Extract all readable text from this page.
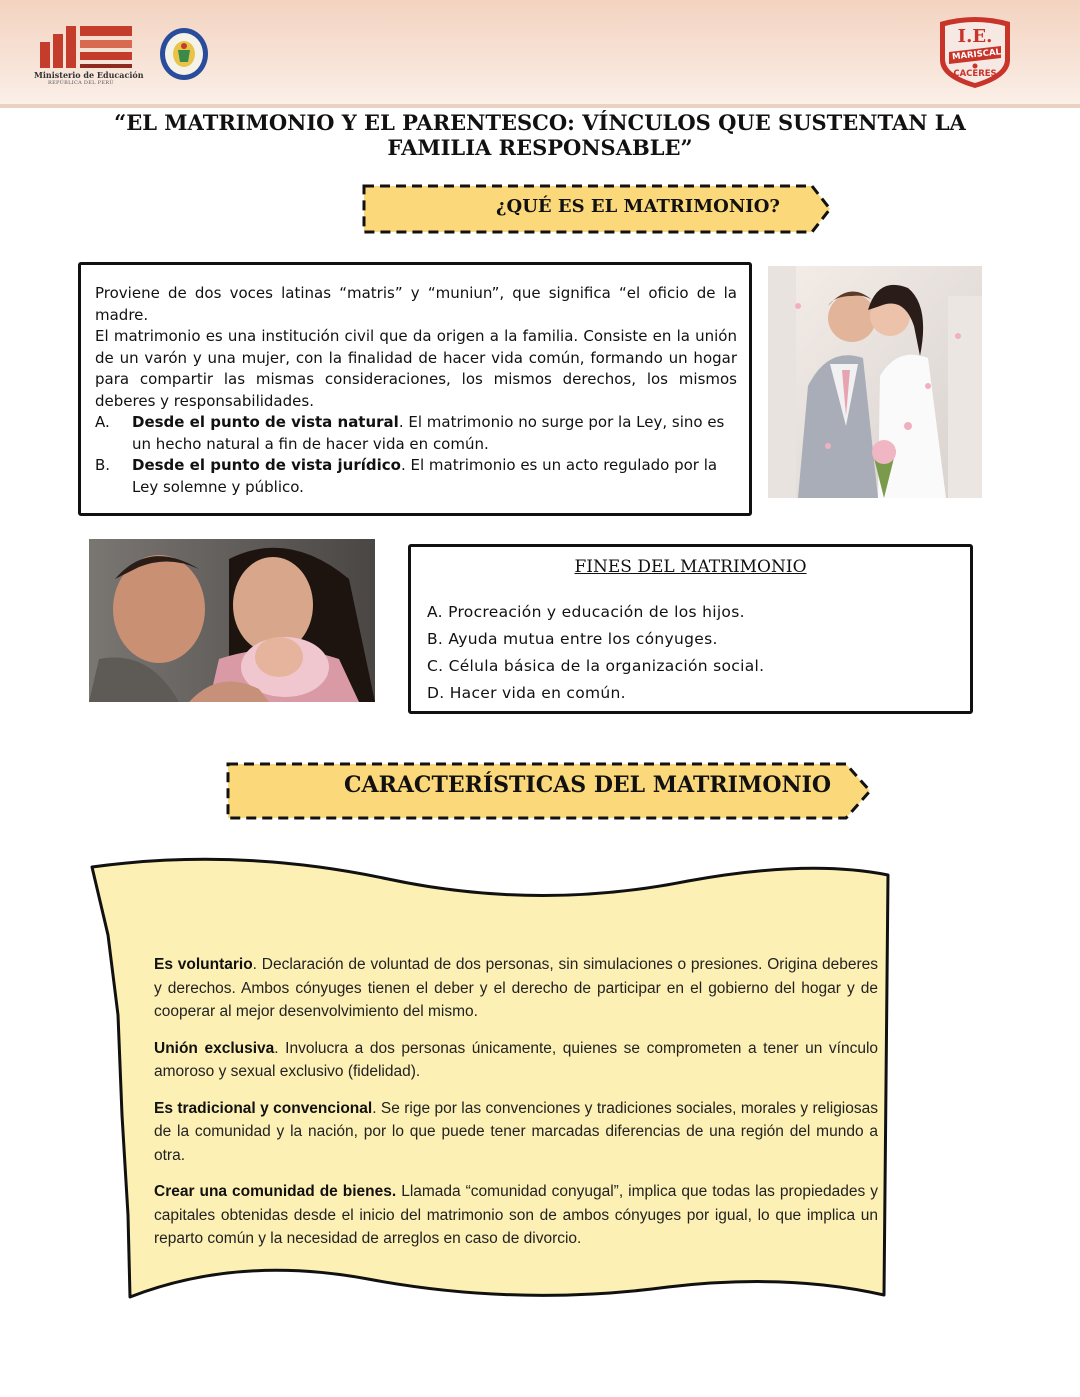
Ministerio de Educación
REPÚBLICA DEL PERÚ
I.E.
MARISCAL
CACERES
“EL MATRIMONIO Y EL PARENTESCO: VÍNCULOS QUE SUSTENTAN LA FAMILIA RESPONSABLE”
¿QUÉ ES EL MATRIMONIO?

Proviene de dos voces latinas “matris” y “muniun”, que significa “el oficio de la madre.

El matrimonio es una institución civil que da origen a la familia. Consiste en la unión de un varón y una mujer, con la finalidad de hacer vida común, formando un hogar para compartir las mismas consideraciones, los mismos derechos, los mismos deberes y responsabilidades.

A.	Desde el punto de vista natural. El matrimonio no surge por la Ley, sino es un hecho natural a fin de hacer vida en común.
B.	Desde el punto de vista jurídico. El matrimonio es un acto regulado por la Ley solemne y público.
FINES DEL MATRIMONIO
A. Procreación y educación de los hijos.
B. Ayuda mutua entre los cónyuges.
C. Célula básica de la organización social.
D. Hacer vida en común.
CARACTERÍSTICAS DEL MATRIMONIO

Es voluntario. Declaración de voluntad de dos personas, sin simulaciones o presiones. Origina deberes y derechos. Ambos cónyuges tienen el deber y el derecho de participar en el gobierno del hogar y de cooperar al mejor desenvolvimiento del mismo.

Unión exclusiva. Involucra a dos personas únicamente, quienes se comprometen a tener un vínculo amoroso y sexual exclusivo (fidelidad).

Es tradicional y convencional. Se rige por las convenciones y tradiciones sociales, morales y religiosas de la comunidad y la nación, por lo que puede tener marcadas diferencias de una región del mundo a otra.

Crear una comunidad de bienes. Llamada “comunidad conyugal”, implica que todas las propiedades y capitales obtenidas desde el inicio del matrimonio son de ambos cónyuges por igual, lo que implica un reparto común y la necesidad de arreglos en caso de divorcio.
